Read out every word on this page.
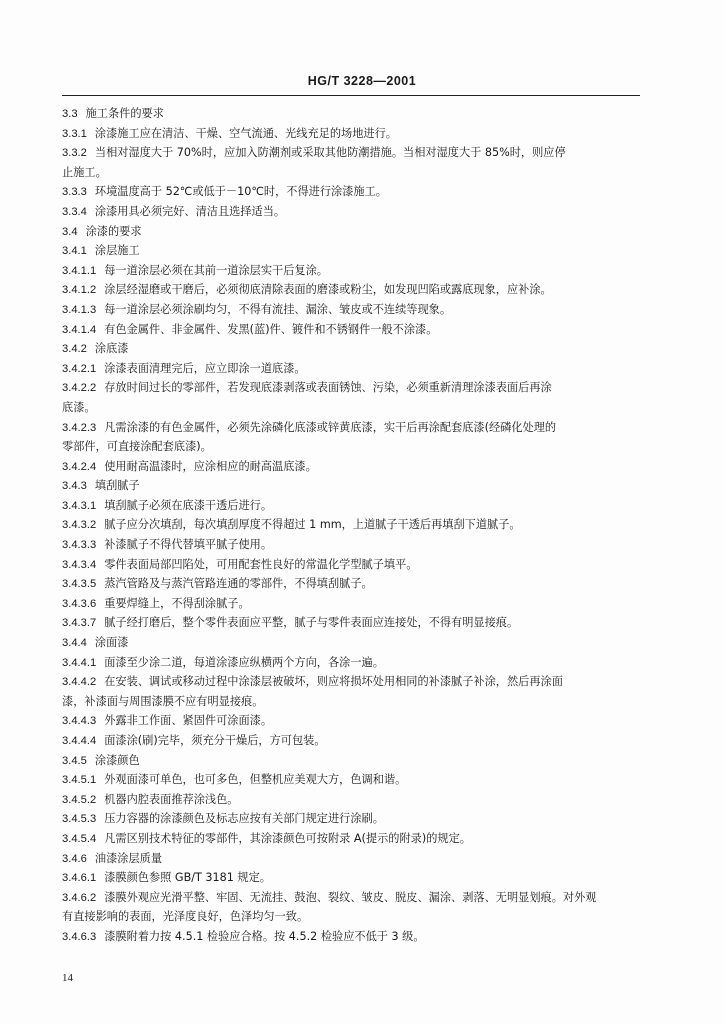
HG/T 3228—2001
3.3 施工条件的要求
3.3.1 涂漆施工应在清洁、干燥、空气流通、光线充足的场地进行。
3.3.2 当相对湿度大于 70%时，应加入防潮剂或采取其他防潮措施。当相对湿度大于 85%时，则应停
止施工。
3.3.3 环境温度高于 52℃或低于－10℃时，不得进行涂漆施工。
3.3.4 涂漆用具必须完好、清洁且选择适当。
3.4 涂漆的要求
3.4.1 涂层施工
3.4.1.1 每一道涂层必须在其前一道涂层实干后复涂。
3.4.1.2 涂层经湿磨或干磨后，必须彻底清除表面的磨漆或粉尘，如发现凹陷或露底现象，应补涂。
3.4.1.3 每一道涂层必须涂刷均匀，不得有流挂、漏涂、皱皮或不连续等现象。
3.4.1.4 有色金属件、非金属件、发黑(蓝)件、镀件和不锈钢件一般不涂漆。
3.4.2 涂底漆
3.4.2.1 涂漆表面清理完后，应立即涂一道底漆。
3.4.2.2 存放时间过长的零部件，若发现底漆剥落或表面锈蚀、污染，必须重新清理涂漆表面后再涂
底漆。
3.4.2.3 凡需涂漆的有色金属件，必须先涂磷化底漆或锌黄底漆，实干后再涂配套底漆(经磷化处理的
零部件，可直接涂配套底漆)。
3.4.2.4 使用耐高温漆时，应涂相应的耐高温底漆。
3.4.3 填刮腻子
3.4.3.1 填刮腻子必须在底漆干透后进行。
3.4.3.2 腻子应分次填刮，每次填刮厚度不得超过 1 mm，上道腻子干透后再填刮下道腻子。
3.4.3.3 补漆腻子不得代替填平腻子使用。
3.4.3.4 零件表面局部凹陷处，可用配套性良好的常温化学型腻子填平。
3.4.3.5 蒸汽管路及与蒸汽管路连通的零部件，不得填刮腻子。
3.4.3.6 重要焊缝上，不得刮涂腻子。
3.4.3.7 腻子经打磨后，整个零件表面应平整，腻子与零件表面应连接处，不得有明显接痕。
3.4.4 涂面漆
3.4.4.1 面漆至少涂二道，每道涂漆应纵横两个方向，各涂一遍。
3.4.4.2 在安装、调试或移动过程中涂漆层被破坏，则应将损坏处用相同的补漆腻子补涂，然后再涂面
漆，补漆面与周围漆膜不应有明显接痕。
3.4.4.3 外露非工作面、紧固件可涂面漆。
3.4.4.4 面漆涂(刷)完毕，须充分干燥后，方可包装。
3.4.5 涂漆颜色
3.4.5.1 外观面漆可单色，也可多色，但整机应美观大方，色调和谐。
3.4.5.2 机器内腔表面推荐涂浅色。
3.4.5.3 压力容器的涂漆颜色及标志应按有关部门规定进行涂刷。
3.4.5.4 凡需区别技术特征的零部件，其涂漆颜色可按附录 A(提示的附录)的规定。
3.4.6 油漆涂层质量
3.4.6.1 漆膜颜色参照 GB/T 3181 规定。
3.4.6.2 漆膜外观应光滑平整、牢固、无流挂、鼓泡、裂纹、皱皮、脱皮、漏涂、剥落、无明显划痕。对外观
有直接影响的表面，光泽度良好，色泽均匀一致。
3.4.6.3 漆膜附着力按 4.5.1 检验应合格。按 4.5.2 检验应不低于 3 级。
14
